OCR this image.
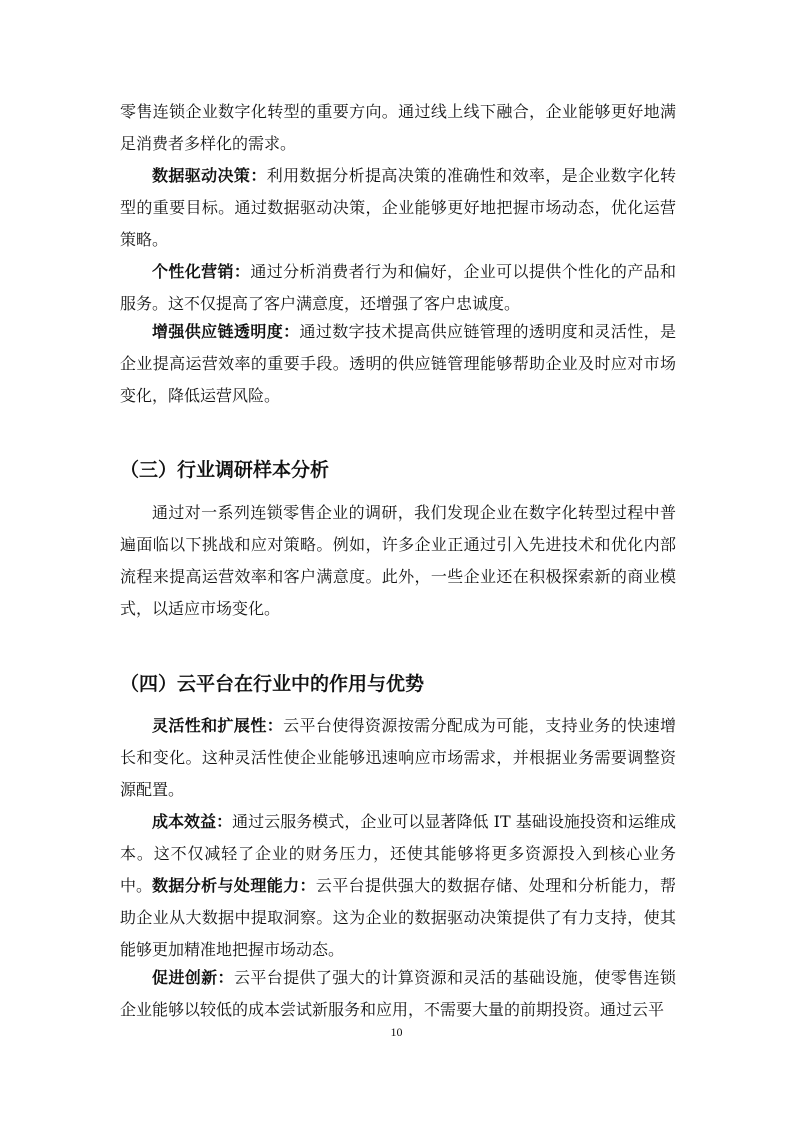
零售连锁企业数字化转型的重要方向。通过线上线下融合，企业能够更好地满足消费者多样化的需求。

数据驱动决策：利用数据分析提高决策的准确性和效率，是企业数字化转型的重要目标。通过数据驱动决策，企业能够更好地把握市场动态，优化运营策略。

个性化营销：通过分析消费者行为和偏好，企业可以提供个性化的产品和服务。这不仅提高了客户满意度，还增强了客户忠诚度。

增强供应链透明度：通过数字技术提高供应链管理的透明度和灵活性，是企业提高运营效率的重要手段。透明的供应链管理能够帮助企业及时应对市场变化，降低运营风险。

（三）行业调研样本分析

通过对一系列连锁零售企业的调研，我们发现企业在数字化转型过程中普遍面临以下挑战和应对策略。例如，许多企业正通过引入先进技术和优化内部流程来提高运营效率和客户满意度。此外，一些企业还在积极探索新的商业模式，以适应市场变化。

（四）云平台在行业中的作用与优势

灵活性和扩展性：云平台使得资源按需分配成为可能，支持业务的快速增长和变化。这种灵活性使企业能够迅速响应市场需求，并根据业务需要调整资源配置。

成本效益：通过云服务模式，企业可以显著降低 IT 基础设施投资和运维成本。这不仅减轻了企业的财务压力，还使其能够将更多资源投入到核心业务中。 数据分析与处理能力：云平台提供强大的数据存储、处理和分析能力，帮助企业从大数据中提取洞察。这为企业的数据驱动决策提供了有力支持，使其能够更加精准地把握市场动态。

促进创新：云平台提供了强大的计算资源和灵活的基础设施，使零售连锁企业能够以较低的成本尝试新服务和应用，不需要大量的前期投资。通过云平

10
